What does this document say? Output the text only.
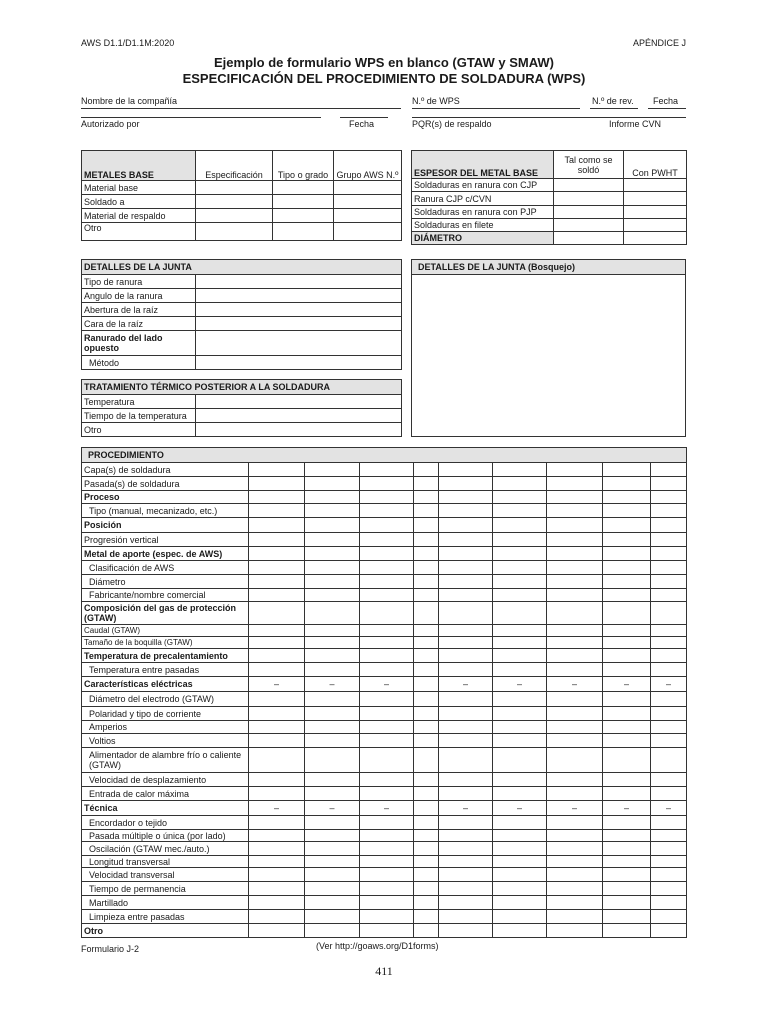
AWS D1.1/D1.1M:2020	APÉNDICE J
Ejemplo de formulario WPS en blanco (GTAW y SMAW)
ESPECIFICACIÓN DEL PROCEDIMIENTO DE SOLDADURA (WPS)
Nombre de la compañía	N.º de WPS	N.º de rev. Fecha
Autorizado por	Fecha	PQR(s) de respaldo	Informe CVN
METALES BASE	Especificación	Tipo o grado	Grupo AWS N.º
Material base			
Soldado a			
Material de respaldo			
Otro			
ESPESOR DEL METAL BASE	Tal como se soldó	Con PWHT
Soldaduras en ranura con CJP		
Ranura CJP c/CVN		
Soldaduras en ranura con PJP		
Soldaduras en filete		
DIÁMETRO		
DETALLES DE LA JUNTA	
Tipo de ranura	
Angulo de la ranura	
Abertura de la raíz	
Cara de la raíz	
Ranurado del lado opuesto	
Método	
DETALLES DE LA JUNTA (Bosquejo)

TRATAMIENTO TÉRMICO POSTERIOR A LA SOLDADURA	
Temperatura	
Tiempo de la temperatura	
Otro	
PROCEDIMIENTO									
Capa(s) de soldadura									
Pasada(s) de soldadura									
Proceso									
Tipo (manual, mecanizado, etc.)									
Posición									
Progresión vertical									
Metal de aporte (espec. de AWS)									
Clasificación de AWS									
Diámetro									
Fabricante/nombre comercial									
Composición del gas de protección (GTAW)									
Caudal (GTAW)									
Tamaño de la boquilla (GTAW)									
Temperatura de precalentamiento									
Temperatura entre pasadas									
Características eléctricas	–	–	–		–	–	–	–	–
Diámetro del electrodo (GTAW)									
Polaridad y tipo de corriente									
Amperios									
Voltios									
Alimentador de alambre frío o caliente (GTAW)									
Velocidad de desplazamiento									
Entrada de calor máxima									
Técnica	–	–	–		–	–	–	–	–
Encordador o tejido									
Pasada múltiple o única (por lado)									
Oscilación (GTAW mec./auto.)									
Longitud transversal									
Velocidad transversal									
Tiempo de permanencia									
Martillado									
Limpieza entre pasadas									
Otro									
Formulario J-2	(Ver http://goaws.org/D1forms)
411
